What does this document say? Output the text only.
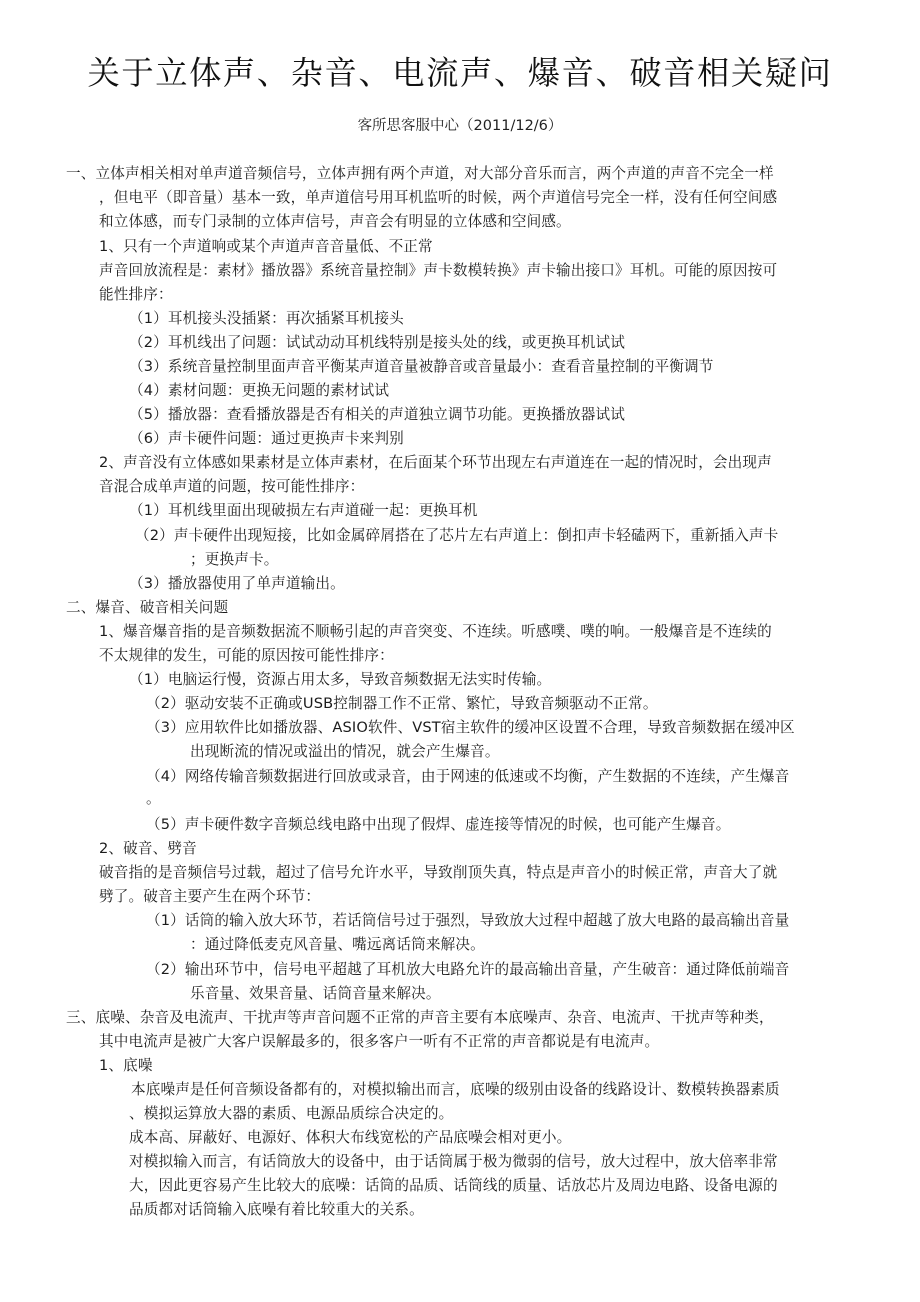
关于立体声、杂音、电流声、爆音、破音相关疑问
客所思客服中心（2011/12/6）
一、立体声相关相对单声道音频信号，立体声拥有两个声道，对大部分音乐而言，两个声道的声音不完全一样
，但电平（即音量）基本一致，单声道信号用耳机监听的时候，两个声道信号完全一样，没有任何空间感
和立体感，而专门录制的立体声信号，声音会有明显的立体感和空间感。
1、只有一个声道响或某个声道声音音量低、不正常
声音回放流程是：素材》播放器》系统音量控制》声卡数模转换》声卡输出接口》耳机。可能的原因按可
能性排序：
（1）耳机接头没插紧：再次插紧耳机接头
（2）耳机线出了问题：试试动动耳机线特别是接头处的线，或更换耳机试试
（3）系统音量控制里面声音平衡某声道音量被静音或音量最小：查看音量控制的平衡调节
（4）素材问题：更换无问题的素材试试
（5）播放器：查看播放器是否有相关的声道独立调节功能。更换播放器试试
（6）声卡硬件问题：通过更换声卡来判别
2、声音没有立体感如果素材是立体声素材，在后面某个环节出现左右声道连在一起的情况时，会出现声
音混合成单声道的问题，按可能性排序：
（1）耳机线里面出现破损左右声道碰一起：更换耳机
（2）声卡硬件出现短接，比如金属碎屑搭在了芯片左右声道上：倒扣声卡轻磕两下，重新插入声卡
；更换声卡。
（3）播放器使用了单声道输出。
二、爆音、破音相关问题
1、爆音爆音指的是音频数据流不顺畅引起的声音突变、不连续。听感噗、噗的响。一般爆音是不连续的
不太规律的发生，可能的原因按可能性排序：
（1）电脑运行慢，资源占用太多，导致音频数据无法实时传输。
（2）驱动安装不正确或USB控制器工作不正常、繁忙，导致音频驱动不正常。
（3）应用软件比如播放器、ASIO软件、VST宿主软件的缓冲区设置不合理，导致音频数据在缓冲区
出现断流的情况或溢出的情况，就会产生爆音。
（4）网络传输音频数据进行回放或录音，由于网速的低速或不均衡，产生数据的不连续，产生爆音
。
（5）声卡硬件数字音频总线电路中出现了假焊、虚连接等情况的时候，也可能产生爆音。
2、破音、劈音
破音指的是音频信号过载，超过了信号允许水平，导致削顶失真，特点是声音小的时候正常，声音大了就
劈了。破音主要产生在两个环节：
（1）话筒的输入放大环节，若话筒信号过于强烈，导致放大过程中超越了放大电路的最高输出音量
：通过降低麦克风音量、嘴远离话筒来解决。
（2）输出环节中，信号电平超越了耳机放大电路允许的最高输出音量，产生破音：通过降低前端音
乐音量、效果音量、话筒音量来解决。
三、底噪、杂音及电流声、干扰声等声音问题不正常的声音主要有本底噪声、杂音、电流声、干扰声等种类，
其中电流声是被广大客户误解最多的，很多客户一听有不正常的声音都说是有电流声。
1、底噪
本底噪声是任何音频设备都有的，对模拟输出而言，底噪的级别由设备的线路设计、数模转换器素质
、模拟运算放大器的素质、电源品质综合决定的。
成本高、屏蔽好、电源好、体积大布线宽松的产品底噪会相对更小。
对模拟输入而言，有话筒放大的设备中，由于话筒属于极为微弱的信号，放大过程中，放大倍率非常
大，因此更容易产生比较大的底噪：话筒的品质、话筒线的质量、话放芯片及周边电路、设备电源的
品质都对话筒输入底噪有着比较重大的关系。
